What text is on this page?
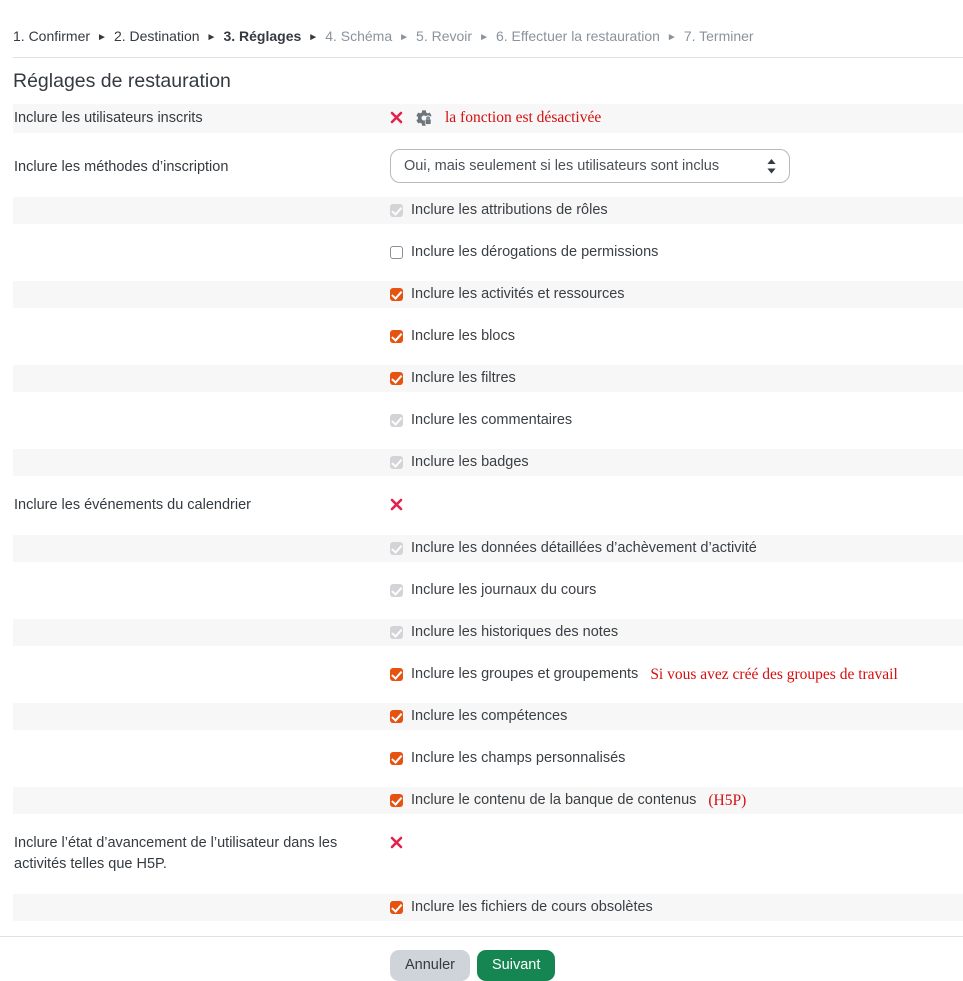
1. Confirmer ► 2. Destination ► 3. Réglages ► 4. Schéma ► 5. Revoir ► 6. Effectuer la restauration ► 7. Terminer
Réglages de restauration
Inclure les utilisateurs inscrits	la fonction est désactivée
Inclure les méthodes d’inscription	Oui, mais seulement si les utilisateurs sont inclus
Inclure les attributions de rôles
Inclure les dérogations de permissions
Inclure les activités et ressources
Inclure les blocs
Inclure les filtres
Inclure les commentaires
Inclure les badges
Inclure les événements du calendrier
Inclure les données détaillées d’achèvement d’activité
Inclure les journaux du cours
Inclure les historiques des notes
Inclure les groupes et groupements Si vous avez créé des groupes de travail
Inclure les compétences
Inclure les champs personnalisés
Inclure le contenu de la banque de contenus (H5P)
Inclure l’état d’avancement de l’utilisateur dans les activités telles que H5P.
Inclure les fichiers de cours obsolètes
Annuler	Suivant
